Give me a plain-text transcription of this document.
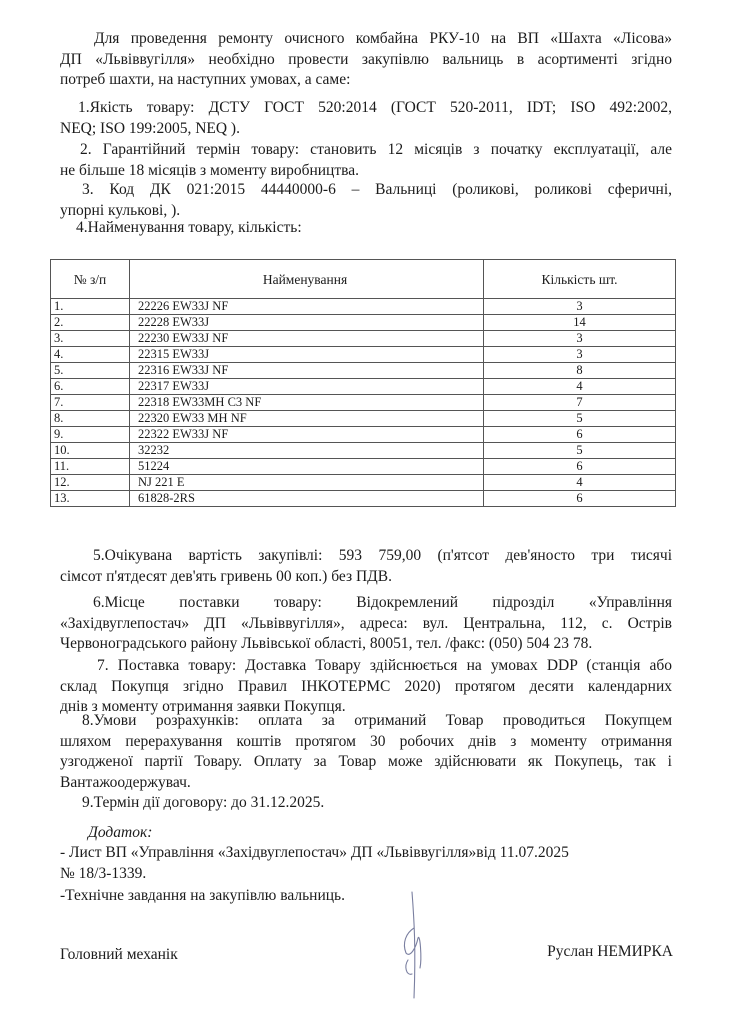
Для проведення ремонту очисного комбайна РКУ-10 на ВП «Шахта «Лісова»
ДП «Львіввугілля» необхідно провести закупівлю вальниць в асортименті згідно
потреб шахти, на наступних умовах, а саме:
1.Якість товару: ДСТУ ГОСТ 520:2014 (ГОСТ 520-2011, IDT; ISO 492:2002,
NEQ; ISO 199:2005, NEQ ).
2. Гарантійний термін товару: становить 12 місяців з початку експлуатації, але
не більше 18 місяців з моменту виробництва.
3. Код ДК 021:2015 44440000-6 – Вальниці (роликові, роликові сферичні,
упорні кулькові, ).
4.Найменування товару, кількість:
№ з/п	Найменування	Кількість шт.
1.	22226 EW33J NF	3
2.	22228 EW33J	14
3.	22230 EW33J NF	3
4.	22315 EW33J	3
5.	22316 EW33J NF	8
6.	22317 EW33J	4
7.	22318 EW33MH C3 NF	7
8.	22320 EW33 MH NF	5
9.	22322 EW33J NF	6
10.	32232	5
11.	51224	6
12.	NJ 221 E	4
13.	61828-2RS	6
5.Очікувана вартість закупівлі: 593 759,00 (п'ятсот дев'яносто три тисячі
сімсот п'ятдесят дев'ять гривень 00 коп.) без ПДВ.
6.Місце поставки товару: Відокремлений підрозділ «Управління
«Західвуглепостач» ДП «Львіввугілля», адреса: вул. Центральна, 112, с. Острів
Червоноградського району Львівської області, 80051, тел. /факс: (050) 504 23 78.
7. Поставка товару: Доставка Товару здійснюється на умовах DDP (станція або
склад Покупця згідно Правил ІНКОТЕРМС 2020) протягом десяти календарних
днів з моменту отримання заявки Покупця.
8.Умови розрахунків: оплата за отриманий Товар проводиться Покупцем
шляхом перерахування коштів протягом 30 робочих днів з моменту отримання
узгодженої партії Товару. Оплату за Товар може здійснювати як Покупець, так і
Вантажоодержувач.
9.Термін дії договору: до 31.12.2025.
Додаток:
- Лист ВП «Управління «Західвуглепостач» ДП «Львіввугілля»від 11.07.2025
№ 18/3-1339.
-Технічне завдання на закупівлю вальниць.
Головний механік	Руслан НЕМИРКА
